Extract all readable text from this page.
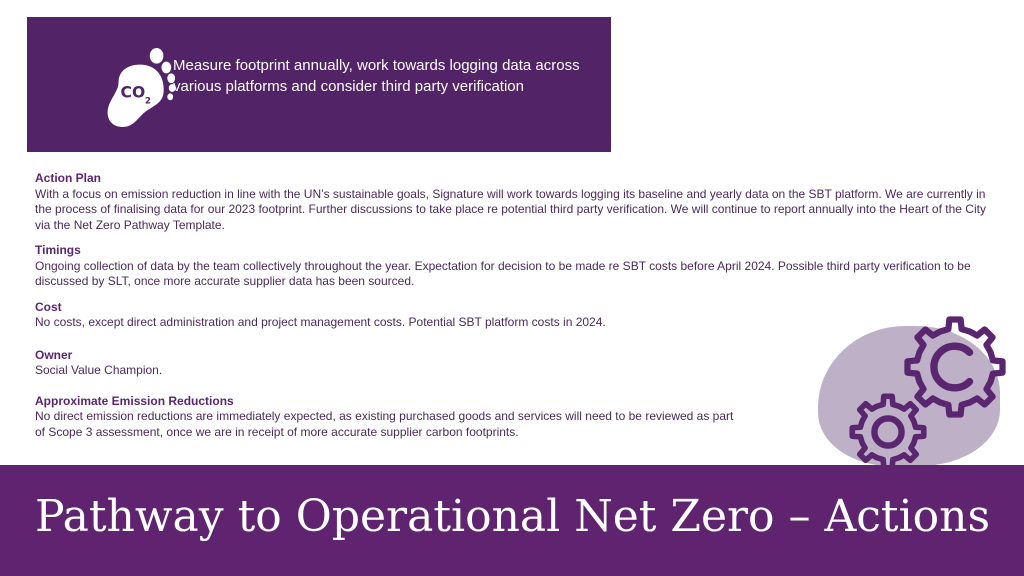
CO 2
Measure footprint annually, work towards logging data across various platforms and consider third party verification
Action Plan
With a focus on emission reduction in line with the UN’s sustainable goals, Signature will work towards logging its baseline and yearly data on the SBT platform. We are currently in the process of finalising data for our 2023 footprint. Further discussions to take place re potential third party verification. We will continue to report annually into the Heart of the City via the Net Zero Pathway Template.
Timings
Ongoing collection of data by the team collectively throughout the year. Expectation for decision to be made re SBT costs before April 2024. Possible third party verification to be discussed by SLT, once more accurate supplier data has been sourced.
Cost
No costs, except direct administration and project management costs. Potential SBT platform costs in 2024.
Owner
Social Value Champion.
Approximate Emission Reductions
No direct emission reductions are immediately expected, as existing purchased goods and services will need to be reviewed as part
of Scope 3 assessment, once we are in receipt of more accurate supplier carbon footprints.
Pathway to Operational Net Zero – Actions
